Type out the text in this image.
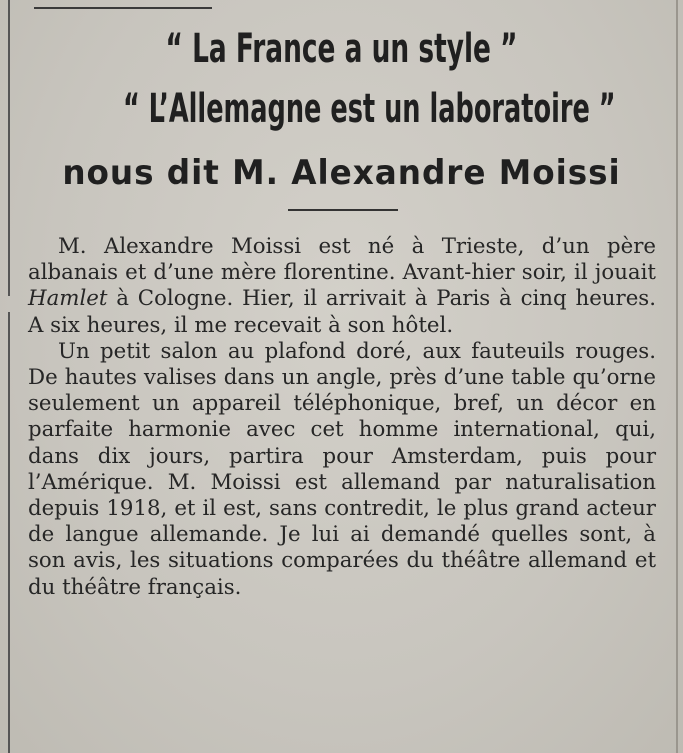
“ La France a un style ”
“ L’Allemagne est un laboratoire ”
nous dit M. Alexandre Moissi

M. Alexandre Moissi est né à Trieste, d’un père albanais et d’une mère florentine. Avant-hier soir, il jouait Hamlet à Cologne. Hier, il arrivait à Paris à cinq heures. A six heures, il me recevait à son hôtel.

Un petit salon au plafond doré, aux fauteuils rouges. De hautes valises dans un angle, près d’une table qu’orne seulement un appareil téléphonique, bref, un décor en parfaite harmonie avec cet homme international, qui, dans dix jours, partira pour Amsterdam, puis pour l’Amérique. M. Moissi est allemand par naturalisation depuis 1918, et il est, sans contredit, le plus grand acteur de langue allemande. Je lui ai demandé quelles sont, à son avis, les situations comparées du théâtre allemand et du théâtre français.
